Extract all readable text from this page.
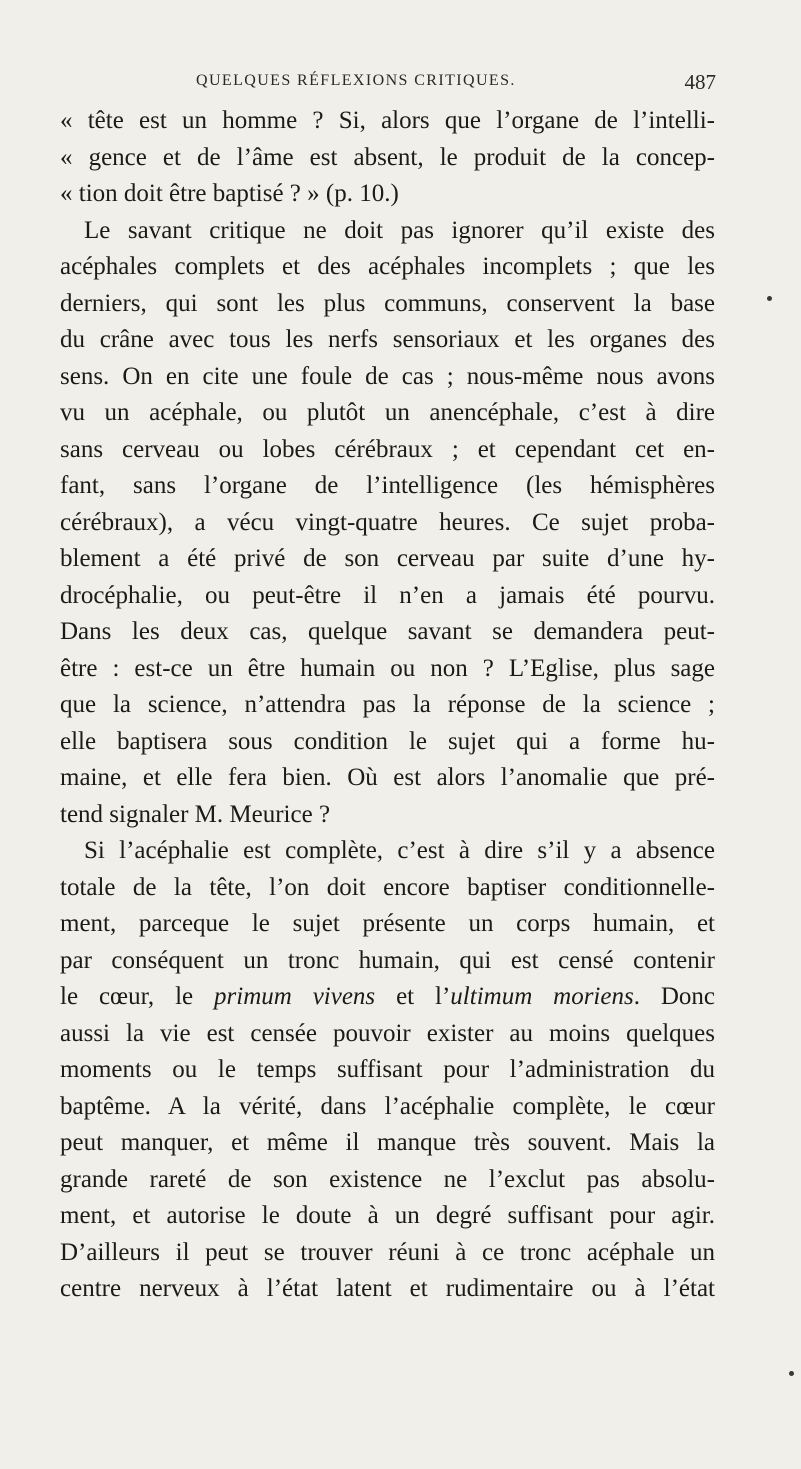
QUELQUES RÉFLEXIONS CRITIQUES.	487
« tête est un homme ? Si, alors que l’organe de l’intelli-
« gence et de l’âme est absent, le produit de la concep-
« tion doit être baptisé ? » (p. 10.)
Le savant critique ne doit pas ignorer qu’il existe des
acéphales complets et des acéphales incomplets ; que les
derniers, qui sont les plus communs, conservent la base
du crâne avec tous les nerfs sensoriaux et les organes des
sens. On en cite une foule de cas ; nous-même nous avons
vu un acéphale, ou plutôt un anencéphale, c’est à dire
sans cerveau ou lobes cérébraux ; et cependant cet en-
fant, sans l’organe de l’intelligence (les hémisphères
cérébraux), a vécu vingt-quatre heures. Ce sujet proba-
blement a été privé de son cerveau par suite d’une hy-
drocéphalie, ou peut-être il n’en a jamais été pourvu.
Dans les deux cas, quelque savant se demandera peut-
être : est-ce un être humain ou non ? L’Eglise, plus sage
que la science, n’attendra pas la réponse de la science ;
elle baptisera sous condition le sujet qui a forme hu-
maine, et elle fera bien. Où est alors l’anomalie que pré-
tend signaler M. Meurice ?
Si l’acéphalie est complète, c’est à dire s’il y a absence
totale de la tête, l’on doit encore baptiser conditionnelle-
ment, parceque le sujet présente un corps humain, et
par conséquent un tronc humain, qui est censé contenir
le cœur, le primum vivens et l’ultimum moriens. Donc
aussi la vie est censée pouvoir exister au moins quelques
moments ou le temps suffisant pour l’administration du
baptême. A la vérité, dans l’acéphalie complète, le cœur
peut manquer, et même il manque très souvent. Mais la
grande rareté de son existence ne l’exclut pas absolu-
ment, et autorise le doute à un degré suffisant pour agir.
D’ailleurs il peut se trouver réuni à ce tronc acéphale un
centre nerveux à l’état latent et rudimentaire ou à l’état
